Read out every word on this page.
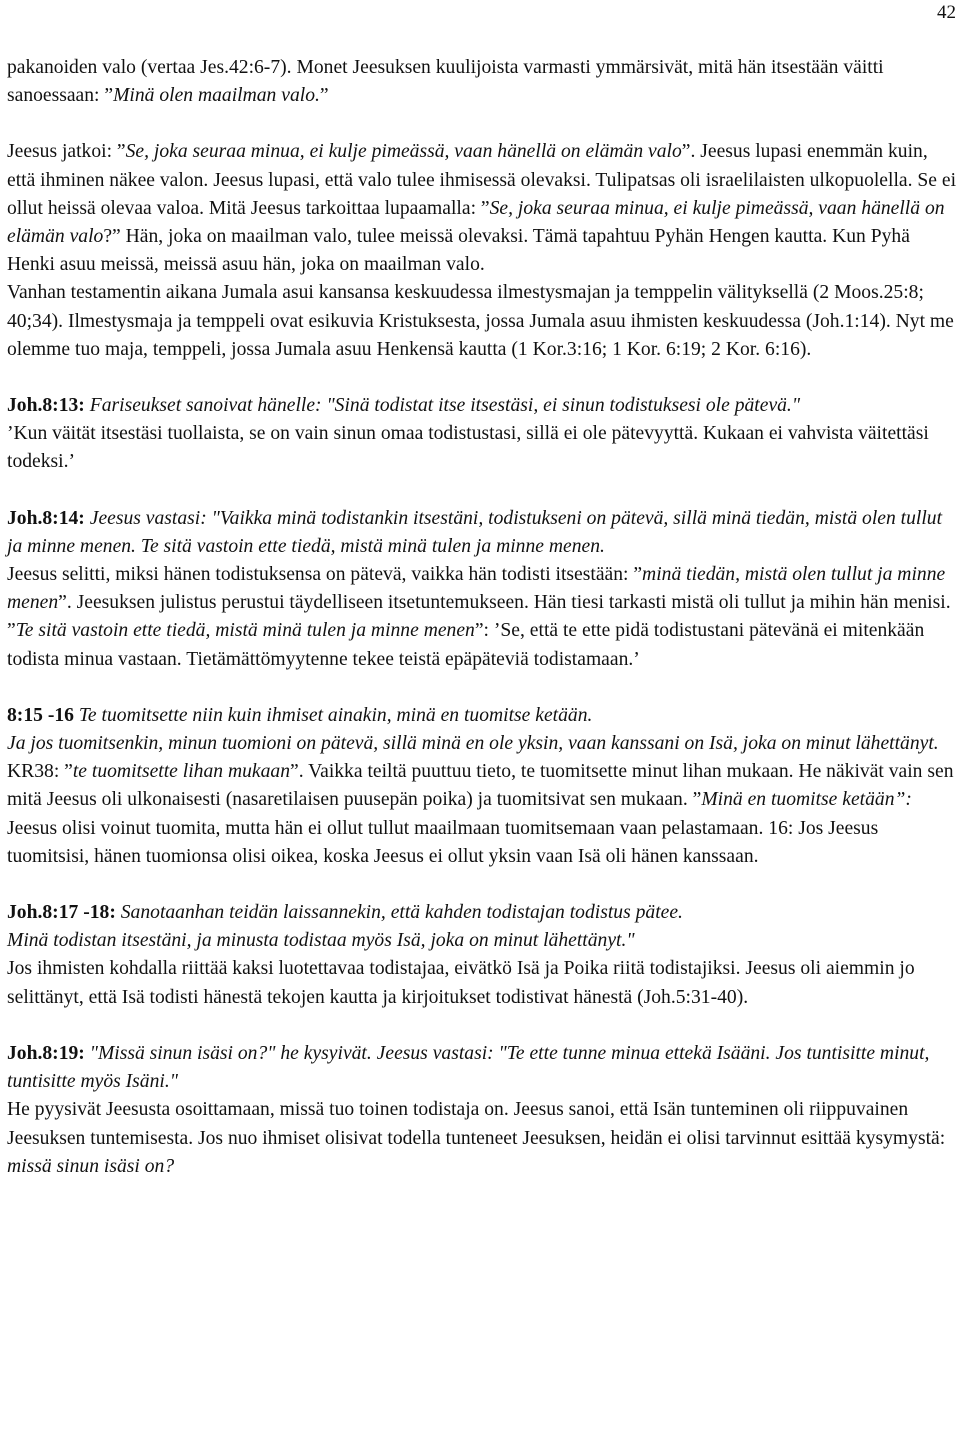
42

pakanoiden valo (vertaa Jes.42:6-7). Monet Jeesuksen kuulijoista varmasti ymmärsivät, mitä hän itsestään väitti sanoessaan: ”Minä olen maailman valo.”

Jeesus jatkoi: ”Se, joka seuraa minua, ei kulje pimeässä, vaan hänellä on elämän valo”. Jeesus lupasi enemmän kuin, että ihminen näkee valon. Jeesus lupasi, että valo tulee ihmisessä olevaksi. Tulipatsas oli israelilaisten ulkopuolella. Se ei ollut heissä olevaa valoa. Mitä Jeesus tarkoittaa lupaamalla: ”Se, joka seuraa minua, ei kulje pimeässä, vaan hänellä on elämän valo?” Hän, joka on maailman valo, tulee meissä olevaksi. Tämä tapahtuu Pyhän Hengen kautta. Kun Pyhä Henki asuu meissä, meissä asuu hän, joka on maailman valo.

Vanhan testamentin aikana Jumala asui kansansa keskuudessa ilmestysmajan ja temppelin välityksellä (2 Moos.25:8; 40;34). Ilmestysmaja ja temppeli ovat esikuvia Kristuksesta, jossa Jumala asuu ihmisten keskuudessa (Joh.1:14). Nyt me olemme tuo maja, temppeli, jossa Jumala asuu Henkensä kautta (1 Kor.3:16; 1 Kor. 6:19; 2 Kor. 6:16).

Joh.8:13: Fariseukset sanoivat hänelle: "Sinä todistat itse itsestäsi, ei sinun todistuksesi ole pätevä."

’Kun väität itsestäsi tuollaista, se on vain sinun omaa todistustasi, sillä ei ole pätevyyttä. Kukaan ei vahvista väitettäsi todeksi.’

Joh.8:14: Jeesus vastasi: "Vaikka minä todistankin itsestäni, todistukseni on pätevä, sillä minä tiedän, mistä olen tullut ja minne menen. Te sitä vastoin ette tiedä, mistä minä tulen ja minne menen.

Jeesus selitti, miksi hänen todistuksensa on pätevä, vaikka hän todisti itsestään: ”minä tiedän, mistä olen tullut ja minne menen”. Jeesuksen julistus perustui täydelliseen itsetuntemukseen. Hän tiesi tarkasti mistä oli tullut ja mihin hän menisi. ”Te sitä vastoin ette tiedä, mistä minä tulen ja minne menen”: ’Se, että te ette pidä todistustani pätevänä ei mitenkään todista minua vastaan. Tietämättömyytenne tekee teistä epäpäteviä todistamaan.’

8:15 -16 Te tuomitsette niin kuin ihmiset ainakin, minä en tuomitse ketään.

Ja jos tuomitsenkin, minun tuomioni on pätevä, sillä minä en ole yksin, vaan kanssani on Isä, joka on minut lähettänyt.

KR38: ”te tuomitsette lihan mukaan”. Vaikka teiltä puuttuu tieto, te tuomitsette minut lihan mukaan. He näkivät vain sen mitä Jeesus oli ulkonaisesti (nasaretilaisen puusepän poika) ja tuomitsivat sen mukaan. ”Minä en tuomitse ketään”: Jeesus olisi voinut tuomita, mutta hän ei ollut tullut maailmaan tuomitsemaan vaan pelastamaan. 16: Jos Jeesus tuomitsisi, hänen tuomionsa olisi oikea, koska Jeesus ei ollut yksin vaan Isä oli hänen kanssaan.

Joh.8:17 -18: Sanotaanhan teidän laissannekin, että kahden todistajan todistus pätee.

Minä todistan itsestäni, ja minusta todistaa myös Isä, joka on minut lähettänyt."

Jos ihmisten kohdalla riittää kaksi luotettavaa todistajaa, eivätkö Isä ja Poika riitä todistajiksi. Jeesus oli aiemmin jo selittänyt, että Isä todisti hänestä tekojen kautta ja kirjoitukset todistivat hänestä (Joh.5:31-40).

Joh.8:19: "Missä sinun isäsi on?" he kysyivät. Jeesus vastasi: "Te ette tunne minua ettekä Isääni. Jos tuntisitte minut, tuntisitte myös Isäni."

He pyysivät Jeesusta osoittamaan, missä tuo toinen todistaja on. Jeesus sanoi, että Isän tunteminen oli riippuvainen Jeesuksen tuntemisesta. Jos nuo ihmiset olisivat todella tunteneet Jeesuksen, heidän ei olisi tarvinnut esittää kysymystä: missä sinun isäsi on?
